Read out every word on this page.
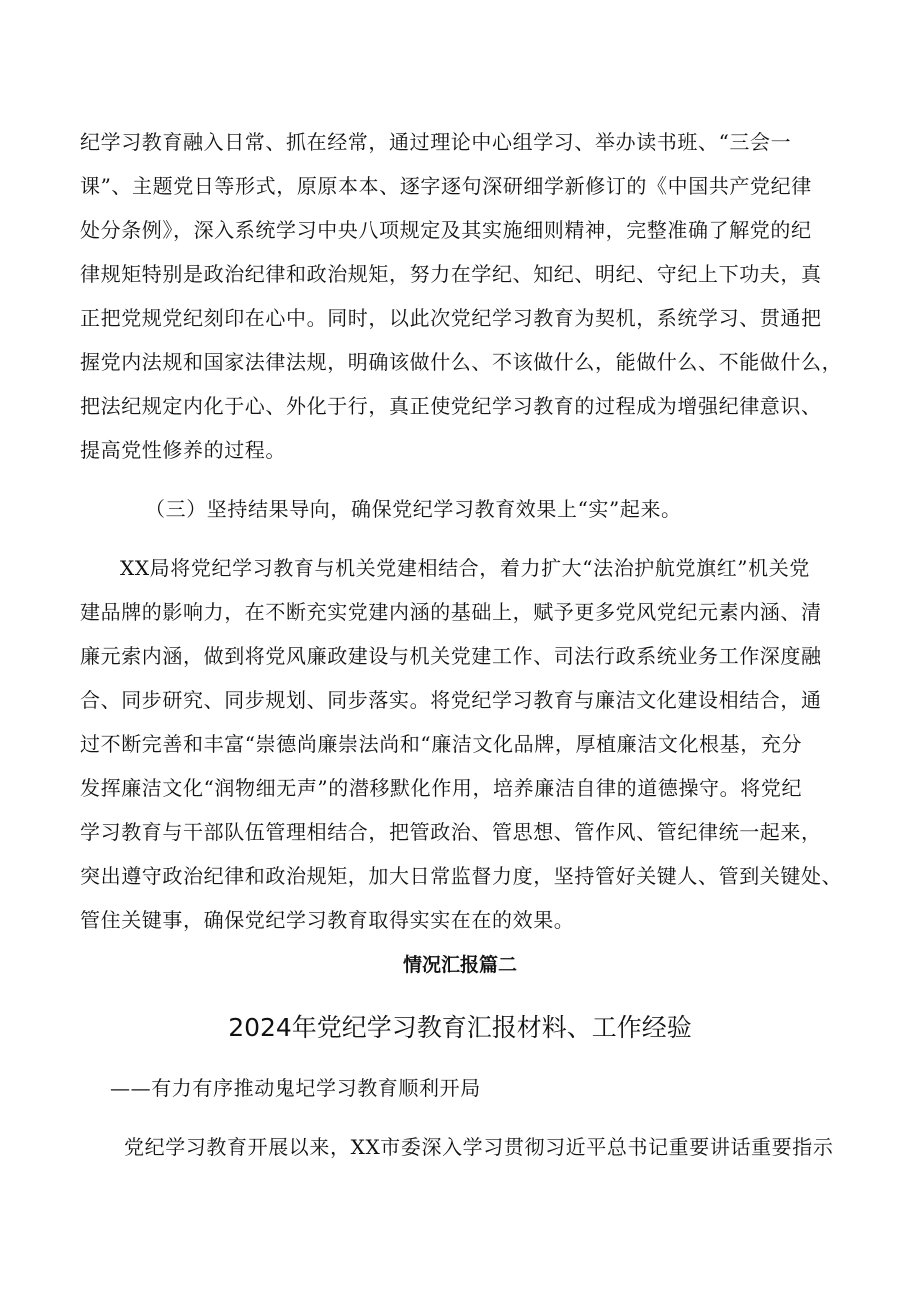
纪学习教育融入日常、抓在经常，通过理论中心组学习、举办读书班、“三会一
课”、主题党日等形式，原原本本、逐字逐句深研细学新修订的《中国共产党纪律
处分条例》，深入系统学习中央八项规定及其实施细则精神，完整准确了解党的纪
律规矩特别是政治纪律和政治规矩，努力在学纪、知纪、明纪、守纪上下功夫，真
正把党规党纪刻印在心中。同时，以此次党纪学习教育为契机，系统学习、贯通把
握党内法规和国家法律法规，明确该做什么、不该做什么，能做什么、不能做什么，
把法纪规定内化于心、外化于行，真正使党纪学习教育的过程成为增强纪律意识、
提高党性修养的过程。
（三）坚持结果导向，确保党纪学习教育效果上“实”起来。
XX局将党纪学习教育与机关党建相结合，着力扩大“法治护航党旗红”机关党
建品牌的影响力，在不断充实党建内涵的基础上，赋予更多党风党纪元素内涵、清
廉元索内涵，做到将党风廉政建设与机关党建工作、司法行政系统业务工作深度融
合、同步研究、同步规划、同步落实。将党纪学习教育与廉洁文化建设相结合，通
过不断完善和丰富“崇德尚廉崇法尚和“廉洁文化品牌，厚植廉洁文化根基，充分
发挥廉洁文化“润物细无声”的潜移默化作用，培养廉洁自律的道德操守。将党纪
学习教育与干部队伍管理相结合，把管政治、管思想、管作风、管纪律统一起来，
突出遵守政治纪律和政治规矩，加大日常监督力度，坚持管好关键人、管到关键处、
管住关键事，确保党纪学习教育取得实实在在的效果。

情况汇报篇二

2024年党纪学习教育汇报材料、工作经验

——有力有序推动鬼圮学习教育顺利开局

党纪学习教育开展以来，XX市委深入学习贯彻习近平总书记重要讲话重要指示
